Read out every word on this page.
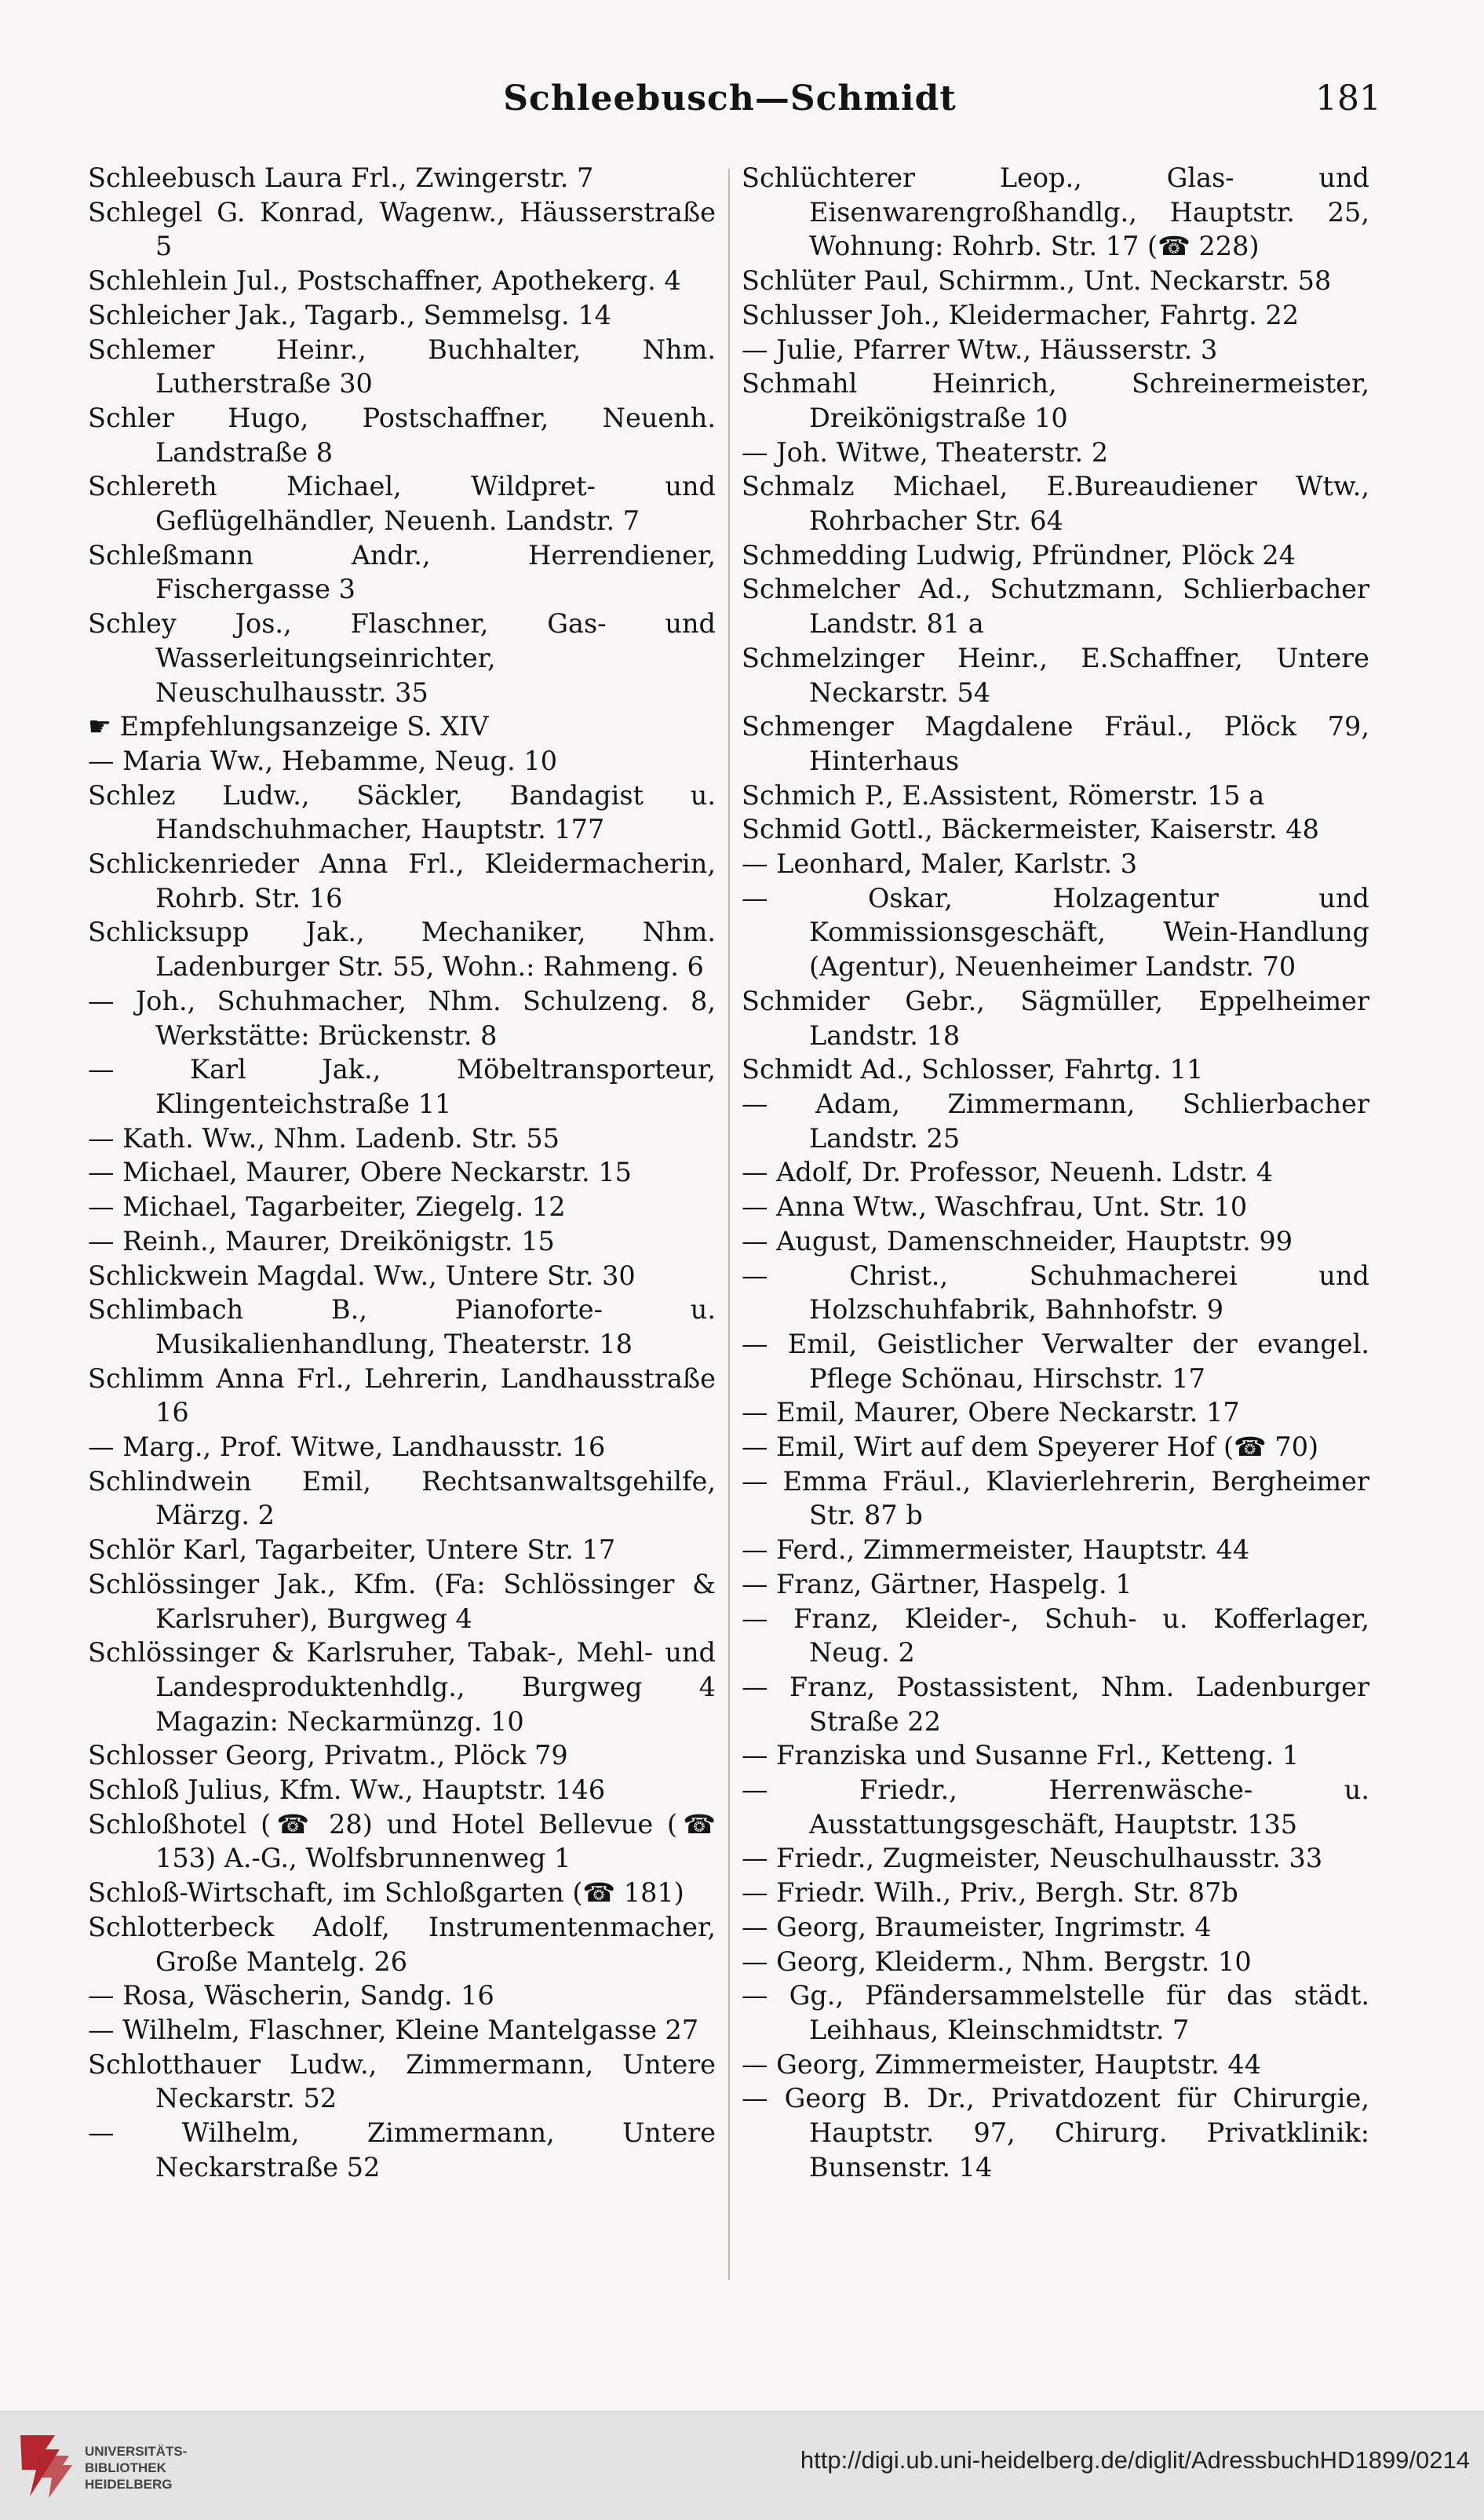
Schleebusch—Schmidt	181
Schleebusch Laura Frl., Zwingerstr. 7
Schlegel G. Konrad, Wagenw., Häusserstraße 5
Schlehlein Jul., Postschaffner, Apothekerg. 4
Schleicher Jak., Tagarb., Semmelsg. 14
Schlemer Heinr., Buchhalter, Nhm. Lutherstraße 30
Schler Hugo, Postschaffner, Neuenh. Landstraße 8
Schlereth Michael, Wildpret- und Geflügelhändler, Neuenh. Landstr. 7
Schleßmann Andr., Herrendiener, Fischergasse 3
Schley Jos., Flaschner, Gas- und Wasserleitungseinrichter, Neuschulhausstr. 35
☛ Empfehlungsanzeige S. XIV
— Maria Ww., Hebamme, Neug. 10
Schlez Ludw., Säckler, Bandagist u. Handschuhmacher, Hauptstr. 177
Schlickenrieder Anna Frl., Kleidermacherin, Rohrb. Str. 16
Schlicksupp Jak., Mechaniker, Nhm. Ladenburger Str. 55, Wohn.: Rahmeng. 6
— Joh., Schuhmacher, Nhm. Schulzeng. 8, Werkstätte: Brückenstr. 8
— Karl Jak., Möbeltransporteur, Klingenteichstraße 11
— Kath. Ww., Nhm. Ladenb. Str. 55
— Michael, Maurer, Obere Neckarstr. 15
— Michael, Tagarbeiter, Ziegelg. 12
— Reinh., Maurer, Dreikönigstr. 15
Schlickwein Magdal. Ww., Untere Str. 30
Schlimbach B., Pianoforte- u. Musikalienhandlung, Theaterstr. 18
Schlimm Anna Frl., Lehrerin, Landhausstraße 16
— Marg., Prof. Witwe, Landhausstr. 16
Schlindwein Emil, Rechtsanwaltsgehilfe, Märzg. 2
Schlör Karl, Tagarbeiter, Untere Str. 17
Schlössinger Jak., Kfm. (Fa: Schlössinger & Karlsruher), Burgweg 4
Schlössinger & Karlsruher, Tabak-, Mehl- und Landesproduktenhdlg., Burgweg 4 Magazin: Neckarmünzg. 10
Schlosser Georg, Privatm., Plöck 79
Schloß Julius, Kfm. Ww., Hauptstr. 146
Schloßhotel (☎ 28) und Hotel Bellevue (☎ 153) A.-G., Wolfsbrunnenweg 1
Schloß-Wirtschaft, im Schloßgarten (☎ 181)
Schlotterbeck Adolf, Instrumentenmacher, Große Mantelg. 26
— Rosa, Wäscherin, Sandg. 16
— Wilhelm, Flaschner, Kleine Mantelgasse 27
Schlotthauer Ludw., Zimmermann, Untere Neckarstr. 52
— Wilhelm, Zimmermann, Untere Neckarstraße 52
Schlüchterer Leop., Glas- und Eisenwarengroßhandlg., Hauptstr. 25, Wohnung: Rohrb. Str. 17 (☎ 228)
Schlüter Paul, Schirmm., Unt. Neckarstr. 58
Schlusser Joh., Kleidermacher, Fahrtg. 22
— Julie, Pfarrer Wtw., Häusserstr. 3
Schmahl Heinrich, Schreinermeister, Dreikönigstraße 10
— Joh. Witwe, Theaterstr. 2
Schmalz Michael, E.Bureaudiener Wtw., Rohrbacher Str. 64
Schmedding Ludwig, Pfründner, Plöck 24
Schmelcher Ad., Schutzmann, Schlierbacher Landstr. 81 a
Schmelzinger Heinr., E.Schaffner, Untere Neckarstr. 54
Schmenger Magdalene Fräul., Plöck 79, Hinterhaus
Schmich P., E.Assistent, Römerstr. 15 a
Schmid Gottl., Bäckermeister, Kaiserstr. 48
— Leonhard, Maler, Karlstr. 3
— Oskar, Holzagentur und Kommissionsgeschäft, Wein-Handlung (Agentur), Neuenheimer Landstr. 70
Schmider Gebr., Sägmüller, Eppelheimer Landstr. 18
Schmidt Ad., Schlosser, Fahrtg. 11
— Adam, Zimmermann, Schlierbacher Landstr. 25
— Adolf, Dr. Professor, Neuenh. Ldstr. 4
— Anna Wtw., Waschfrau, Unt. Str. 10
— August, Damenschneider, Hauptstr. 99
— Christ., Schuhmacherei und Holzschuhfabrik, Bahnhofstr. 9
— Emil, Geistlicher Verwalter der evangel. Pflege Schönau, Hirschstr. 17
— Emil, Maurer, Obere Neckarstr. 17
— Emil, Wirt auf dem Speyerer Hof (☎ 70)
— Emma Fräul., Klavierlehrerin, Bergheimer Str. 87 b
— Ferd., Zimmermeister, Hauptstr. 44
— Franz, Gärtner, Haspelg. 1
— Franz, Kleider-, Schuh- u. Kofferlager, Neug. 2
— Franz, Postassistent, Nhm. Ladenburger Straße 22
— Franziska und Susanne Frl., Ketteng. 1
— Friedr., Herrenwäsche- u. Ausstattungsgeschäft, Hauptstr. 135
— Friedr., Zugmeister, Neuschulhausstr. 33
— Friedr. Wilh., Priv., Bergh. Str. 87b
— Georg, Braumeister, Ingrimstr. 4
— Georg, Kleiderm., Nhm. Bergstr. 10
— Gg., Pfändersammelstelle für das städt. Leihhaus, Kleinschmidtstr. 7
— Georg, Zimmermeister, Hauptstr. 44
— Georg B. Dr., Privatdozent für Chirurgie, Hauptstr. 97, Chirurg. Privatklinik: Bunsenstr. 14
UNIVERSITÄTS-
BIBLIOTHEK
HEIDELBERG
http://digi.ub.uni-heidelberg.de/diglit/AdressbuchHD1899/0214
